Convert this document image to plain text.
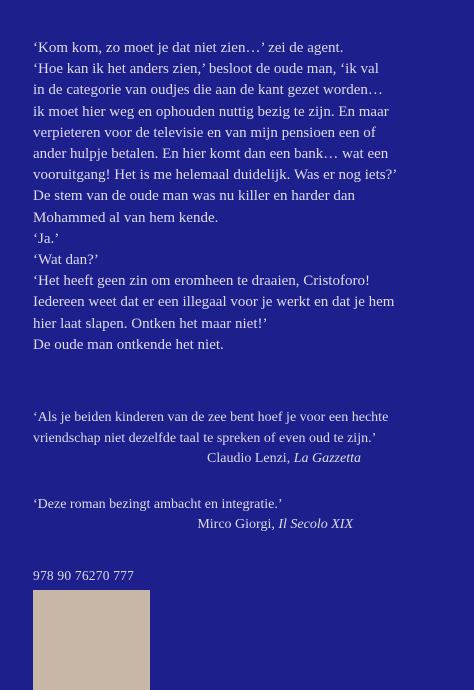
‘Kom kom, zo moet je dat niet zien…’ zei de agent.

‘Hoe kan ik het anders zien,’ besloot de oude man, ‘ik val

in de categorie van oudjes die aan de kant gezet worden…

ik moet hier weg en ophouden nuttig bezig te zijn. En maar

verpieteren voor de televisie en van mijn pensioen een of

ander hulpje betalen. En hier komt dan een bank… wat een

vooruitgang! Het is me helemaal duidelijk. Was er nog iets?’

De stem van de oude man was nu killer en harder dan

Mohammed al van hem kende.

‘Ja.’

‘Wat dan?’

‘Het heeft geen zin om eromheen te draaien, Cristoforo!

Iedereen weet dat er een illegaal voor je werkt en dat je hem

hier laat slapen. Ontken het maar niet!’

De oude man ontkende het niet.

‘Als je beiden kinderen van de zee bent hoef je voor een hechte

vriendschap niet dezelfde taal te spreken of even oud te zijn.’

Claudio Lenzi, La Gazzetta

‘Deze roman bezingt ambacht en integratie.’

Mirco Giorgi, Il Secolo XIX

978 90 76270 777
